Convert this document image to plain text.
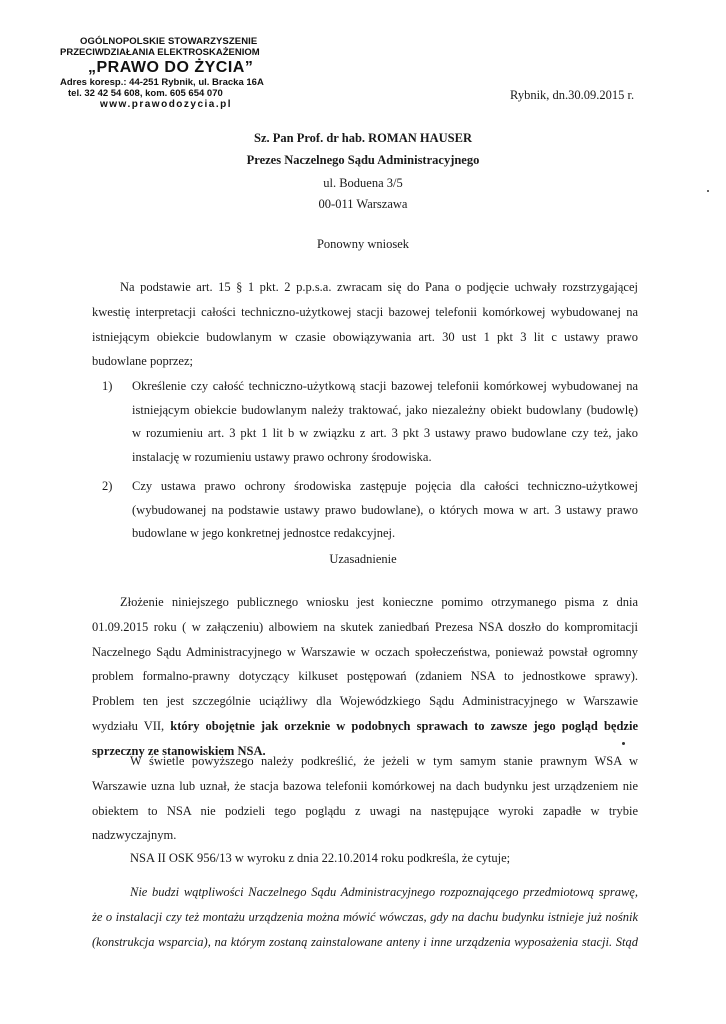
OGÓLNOPOLSKIE STOWARZYSZENIE
PRZECIWDZIAŁANIA ELEKTROSKAŻENIOM
„PRAWO DO ŻYCIA”
Adres koresp.: 44-251 Rybnik, ul. Bracka 16A
tel. 32 42 54 608, kom. 605 654 070
www.prawodozycia.pl
Rybnik, dn.30.09.2015 r.
Sz. Pan Prof. dr hab. ROMAN HAUSER
Prezes Naczelnego Sądu Administracyjnego
ul. Boduena 3/5
00-011 Warszawa
Ponowny wniosek
Na podstawie art. 15 § 1 pkt. 2 p.p.s.a. zwracam się do Pana o podjęcie uchwały rozstrzygającej
kwestię interpretacji całości techniczno-użytkowej stacji bazowej telefonii komórkowej wybudowanej na
istniejącym obiekcie budowlanym w czasie obowiązywania art. 30 ust 1 pkt 3 lit c ustawy prawo
budowlane poprzez;
1) Określenie czy całość techniczno-użytkową stacji bazowej telefonii komórkowej wybudowanej na
istniejącym obiekcie budowlanym należy traktować, jako niezależny obiekt budowlany (budowlę)
w rozumieniu art. 3 pkt 1 lit b w związku z art. 3 pkt 3 ustawy prawo budowlane czy też, jako
instalację w rozumieniu ustawy prawo ochrony środowiska.
2) Czy ustawa prawo ochrony środowiska zastępuje pojęcia dla całości techniczno-użytkowej
(wybudowanej na podstawie ustawy prawo budowlane), o których mowa w art. 3 ustawy prawo
budowlane w jego konkretnej jednostce redakcyjnej.
Uzasadnienie
Złożenie niniejszego publicznego wniosku jest konieczne pomimo otrzymanego pisma z dnia
01.09.2015 roku ( w załączeniu) albowiem na skutek zaniedbań Prezesa NSA doszło do kompromitacji
Naczelnego Sądu Administracyjnego w Warszawie w oczach społeczeństwa, ponieważ powstał ogromny
problem formalno-prawny dotyczący kilkuset postępowań (zdaniem NSA to jednostkowe sprawy).
Problem ten jest szczególnie uciążliwy dla Wojewódzkiego Sądu Administracyjnego w Warszawie
wydziału VII, który obojętnie jak orzeknie w podobnych sprawach to zawsze jego pogląd będzie
sprzeczny ze stanowiskiem NSA.
W świetle powyższego należy podkreślić, że jeżeli w tym samym stanie prawnym WSA w
Warszawie uzna lub uznał, że stacja bazowa telefonii komórkowej na dach budynku jest urządzeniem nie
obiektem to NSA nie podzieli tego poglądu z uwagi na następujące wyroki zapadłe w trybie
nadzwyczajnym.
NSA II OSK 956/13 w wyroku z dnia 22.10.2014 roku podkreśla, że cytuje;
Nie budzi wątpliwości Naczelnego Sądu Administracyjnego rozpoznającego przedmiotową sprawę,
że o instalacji czy też montażu urządzenia można mówić wówczas, gdy na dachu budynku istnieje już nośnik
(konstrukcja wsparcia), na którym zostaną zainstalowane anteny i inne urządzenia wyposażenia stacji. Stąd
